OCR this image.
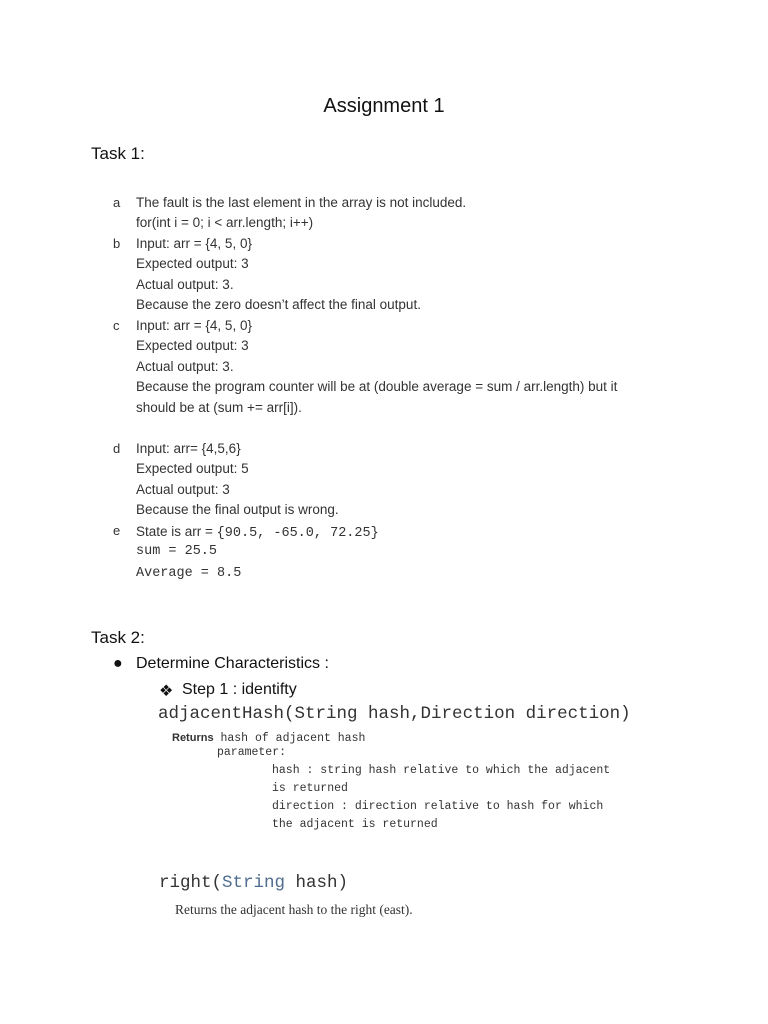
Assignment 1
Task 1:
a The fault is the last element in the array is not included.
for(int i = 0; i < arr.length; i++)
b Input: arr = {4, 5, 0}
Expected output: 3
Actual output: 3.
Because the zero doesn’t affect the final output.
c Input: arr = {4, 5, 0}
Expected output: 3
Actual output: 3.
Because the program counter will be at (double average = sum / arr.length) but it
should be at (sum += arr[i]).
d Input: arr= {4,5,6}
Expected output: 5
Actual output: 3
Because the final output is wrong.
e State is arr = {90.5, -65.0, 72.25}
sum = 25.5
Average = 8.5
Task 2:
● Determine Characteristics :
❖ Step 1 : identifty
adjacentHash(String hash,Direction direction)
Returns hash of adjacent hash
parameter:
hash : string hash relative to which the adjacent
is returned
direction : direction relative to hash for which
the adjacent is returned
right(String hash)
Returns the adjacent hash to the right (east).
